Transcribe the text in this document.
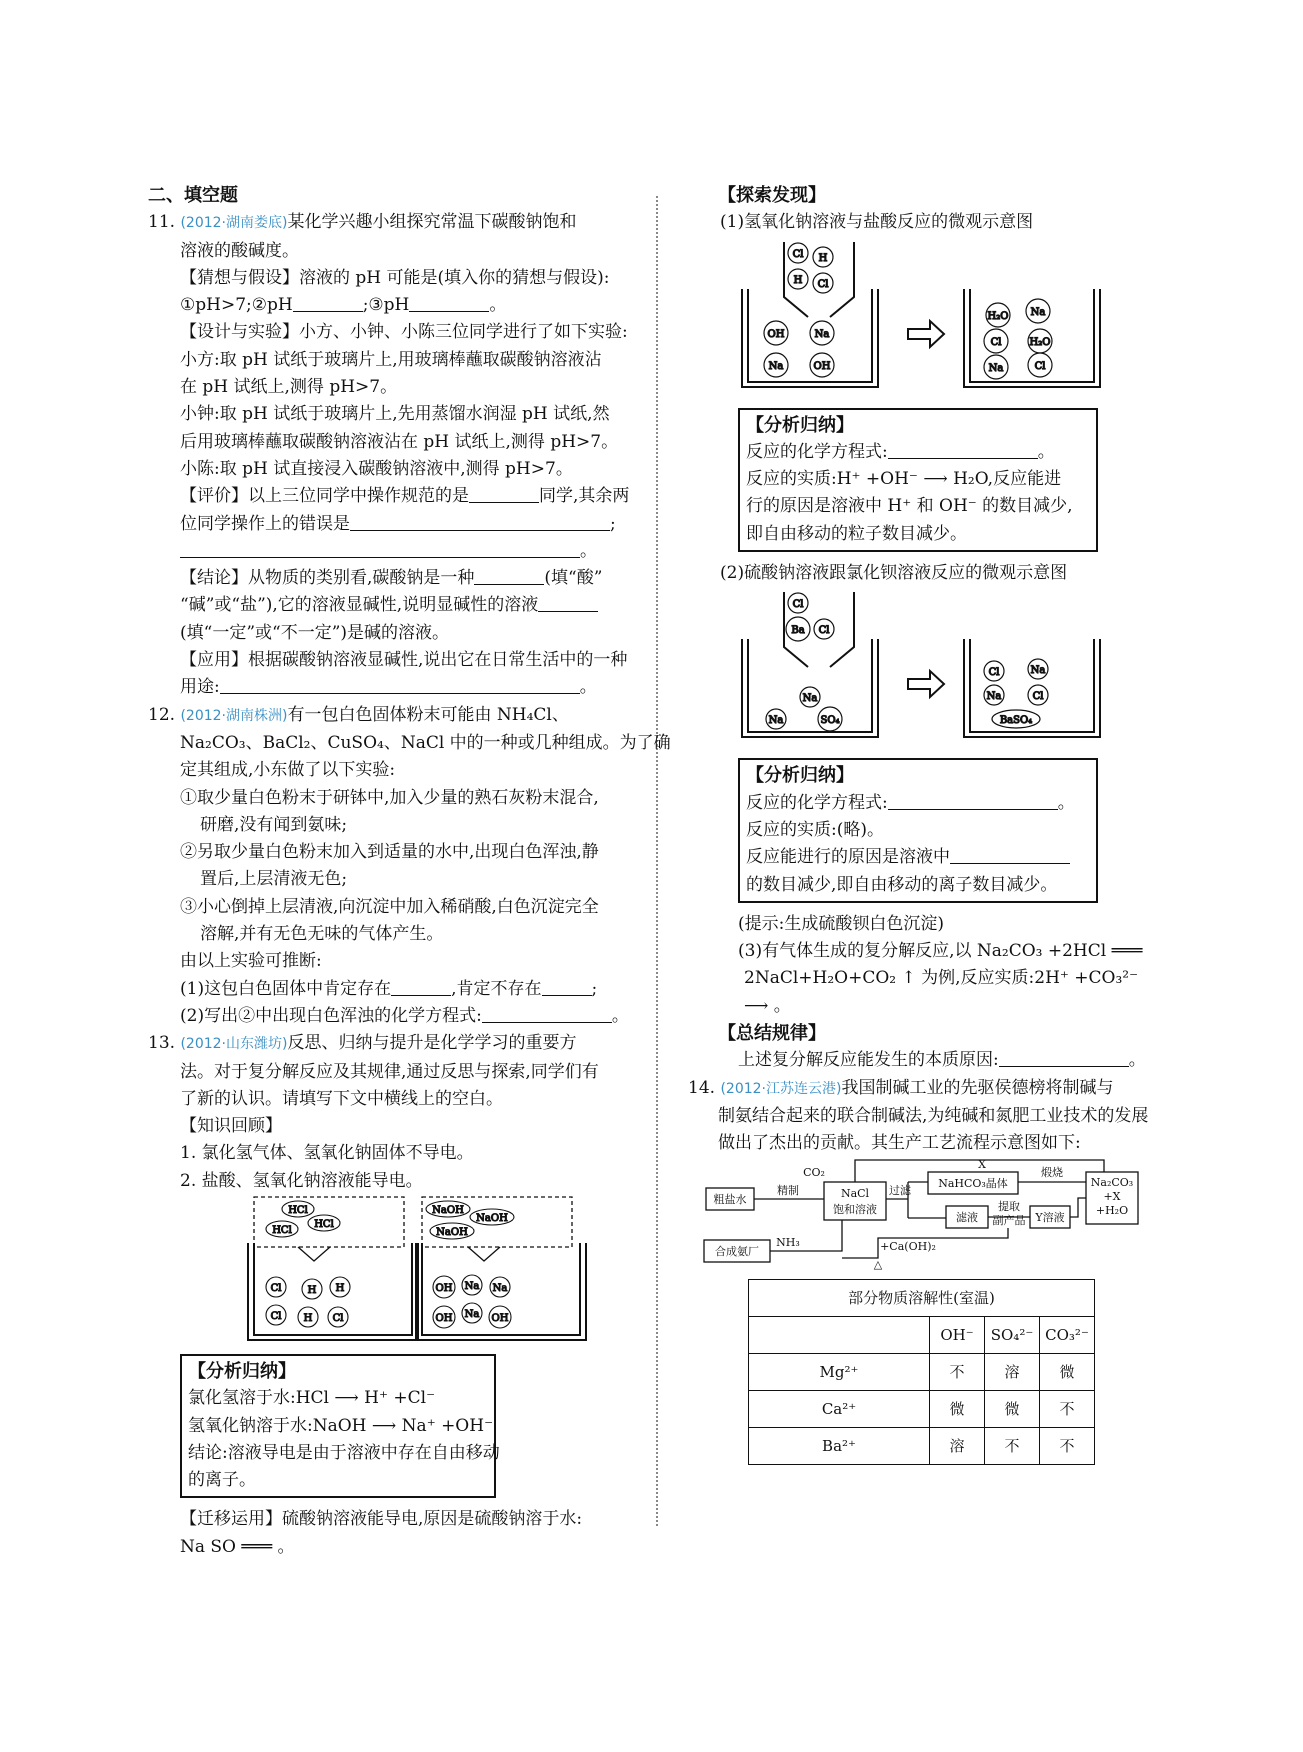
二、填空题
11. (2012·湖南娄底)某化学兴趣小组探究常温下碳酸钠饱和
溶液的酸碱度。
【猜想与假设】溶液的 pH 可能是(填入你的猜想与假设):
①pH>7;②pH	;③pH	。
【设计与实验】小方、小钟、小陈三位同学进行了如下实验:
小方:取 pH 试纸于玻璃片上,用玻璃棒蘸取碳酸钠溶液沾
在 pH 试纸上,测得 pH>7。
小钟:取 pH 试纸于玻璃片上,先用蒸馏水润湿 pH 试纸,然
后用玻璃棒蘸取碳酸钠溶液沾在 pH 试纸上,测得 pH>7。
小陈:取 pH 试直接浸入碳酸钠溶液中,测得 pH>7。
【评价】以上三位同学中操作规范的是	同学,其余两
位同学操作上的错误是	;
。
【结论】从物质的类别看,碳酸钠是一种	(填“酸”
“碱”或“盐”),它的溶液显碱性,说明显碱性的溶液
(填“一定”或“不一定”)是碱的溶液。
【应用】根据碳酸钠溶液显碱性,说出它在日常生活中的一种
用途:	。
12. (2012·湖南株洲)有一包白色固体粉末可能由 NH₄Cl、
Na₂CO₃、BaCl₂、CuSO₄、NaCl 中的一种或几种组成。为了确
定其组成,小东做了以下实验:
①取少量白色粉末于研钵中,加入少量的熟石灰粉末混合,
研磨,没有闻到氨味;
②另取少量白色粉末加入到适量的水中,出现白色浑浊,静
置后,上层清液无色;
③小心倒掉上层清液,向沉淀中加入稀硝酸,白色沉淀完全
溶解,并有无色无味的气体产生。
由以上实验可推断:
(1)这包白色固体中肯定存在	,肯定不存在	;
(2)写出②中出现白色浑浊的化学方程式:	。
13. (2012·山东潍坊)反思、归纳与提升是化学学习的重要方
法。对于复分解反应及其规律,通过反思与探索,同学们有
了新的认识。请填写下文中横线上的空白。
【知识回顾】
1. 氯化氢气体、氢氧化钠固体不导电。
2. 盐酸、氢氧化钠溶液能导电。
HCl
HCl
HCl
NaOH
NaOH
NaOH
Cl	H H
Cl H Cl
OH Na Na
OH Na OH
【分析归纳】
氯化氢溶于水:HCl ⟶ H⁺ +Cl⁻
氢氧化钠溶于水:NaOH ⟶ Na⁺ +OH⁻
结论:溶液导电是由于溶液中存在自由移动
的离子。
【迁移运用】硫酸钠溶液能导电,原因是硫酸钠溶于水:
Na SO ═══ 。
【探索发现】
(1)氢氧化钠溶液与盐酸反应的微观示意图
Cl H
H Cl
OH	Na
Na	OH
H₂O Na
Cl	H₂O
Na	Cl
【分析归纳】
反应的化学方程式:	。
反应的实质:H⁺ +OH⁻ ⟶ H₂O,反应能进
行的原因是溶液中 H⁺ 和 OH⁻ 的数目减少,
即自由移动的粒子数目减少。
(2)硫酸钠溶液跟氯化钡溶液反应的微观示意图
Cl
Ba Cl
Na
Na	SO₄
Cl	Na
Na	Cl
BaSO₄
【分析归纳】
反应的化学方程式:	。
反应的实质:(略)。
反应能进行的原因是溶液中
的数目减少,即自由移动的离子数目减少。
(提示:生成硫酸钡白色沉淀)
(3)有气体生成的复分解反应,以 Na₂CO₃ +2HCl ═══
2NaCl+H₂O+CO₂ ↑ 为例,反应实质:2H⁺ +CO₃²⁻
⟶ 。
【总结规律】
上述复分解反应能发生的本质原因:	。
14. (2012·江苏连云港)我国制碱工业的先驱侯德榜将制碱与
制氨结合起来的联合制碱法,为纯碱和氮肥工业技术的发展
做出了杰出的贡献。其生产工艺流程示意图如下:
粗盐水
精制
CO₂
NaCl
饱和溶液
过滤
NaHCO₃晶体
煅烧
Na₂CO₃
+X
+H₂O
X
滤液
提取
副产品 Y溶液
合成氨厂
NH₃	+Ca(OH)₂
△
部分物质溶解性(室温)			
	OH⁻	SO₄²⁻	CO₃²⁻
Mg²⁺	不	溶	微
Ca²⁺	微	微	不
Ba²⁺	溶	不	不
